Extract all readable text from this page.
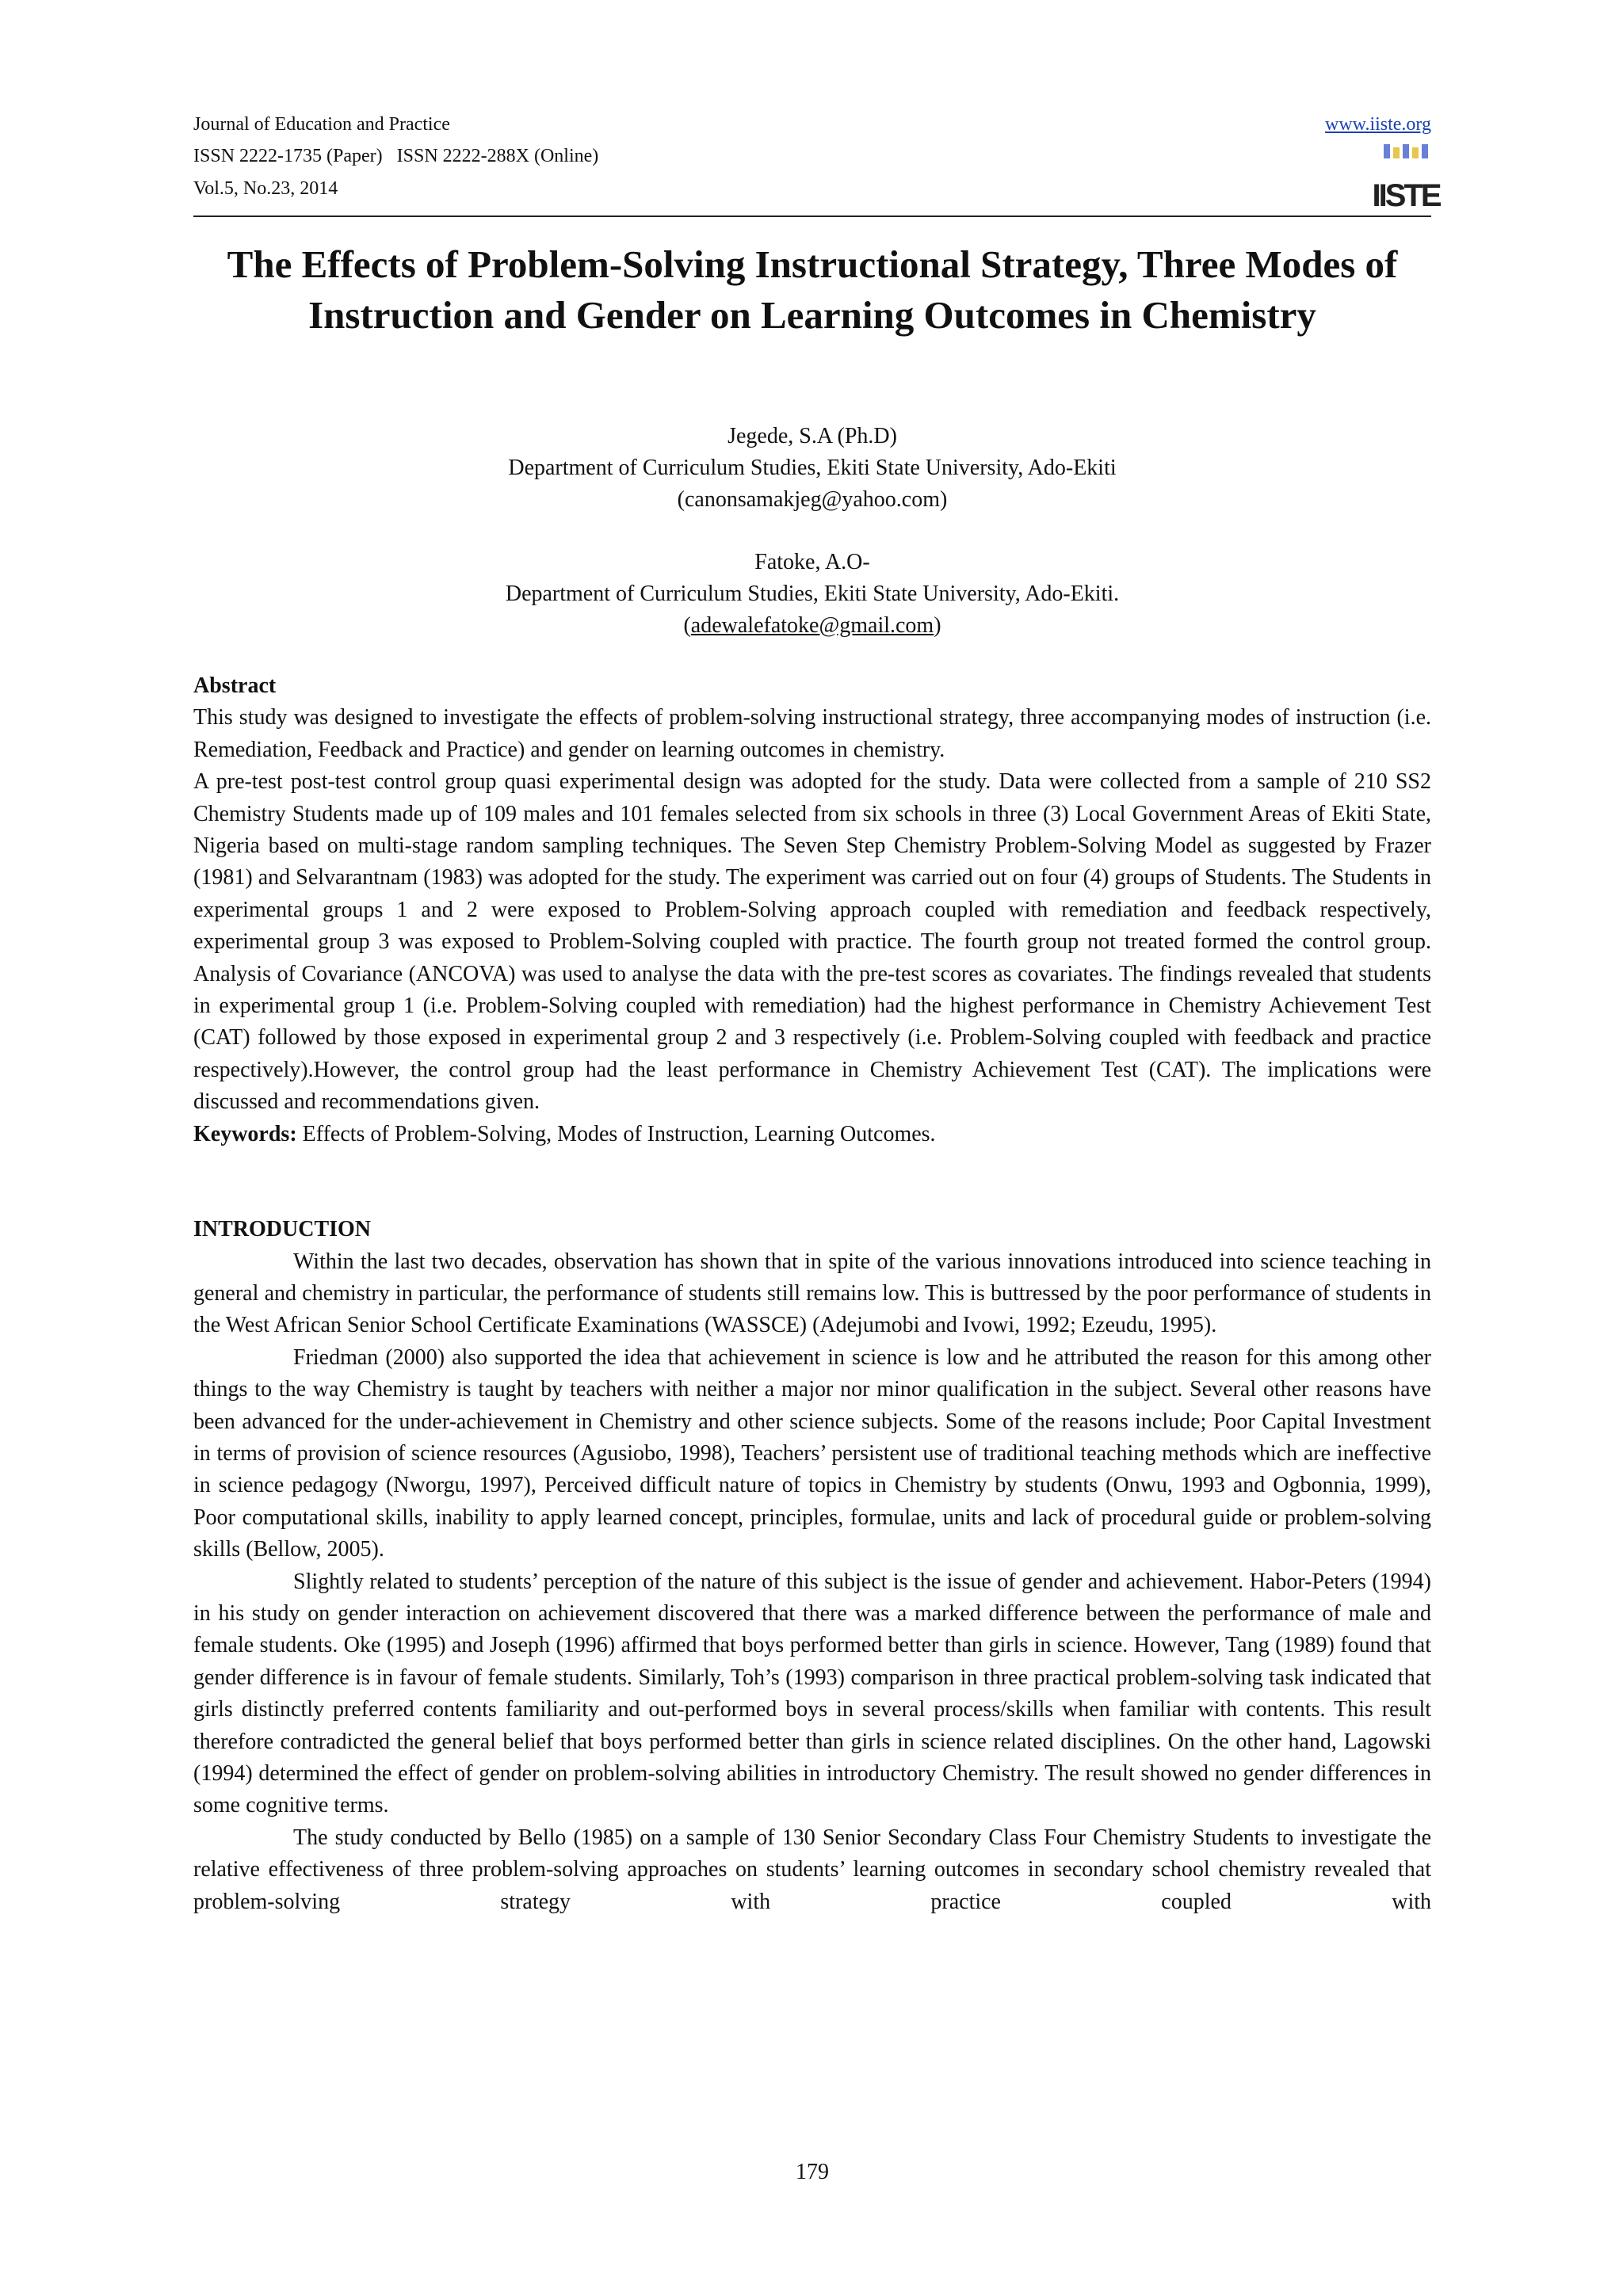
Journal of Education and Practice
ISSN 2222-1735 (Paper)   ISSN 2222-288X (Online)
Vol.5, No.23, 2014
www.iiste.org
IISTE
The Effects of Problem-Solving Instructional Strategy, Three Modes of Instruction and Gender on Learning Outcomes in Chemistry
Jegede, S.A (Ph.D)
Department of Curriculum Studies, Ekiti State University, Ado-Ekiti
(canonsamakjeg@yahoo.com)
Fatoke, A.O-
Department of Curriculum Studies, Ekiti State University, Ado-Ekiti.
(adewalefatoke@gmail.com)

Abstract

This study was designed to investigate the effects of problem-solving instructional strategy, three accompanying modes of instruction (i.e. Remediation, Feedback and Practice) and gender on learning outcomes in chemistry.

A pre-test post-test control group quasi experimental design was adopted for the study. Data were collected from a sample of 210 SS2 Chemistry Students made up of 109 males and 101 females selected from six schools in three (3) Local Government Areas of Ekiti State, Nigeria based on multi-stage random sampling techniques. The Seven Step Chemistry Problem-Solving Model as suggested by Frazer (1981) and Selvarantnam (1983) was adopted for the study. The experiment was carried out on four (4) groups of Students. The Students in experimental groups 1 and 2 were exposed to Problem-Solving approach coupled with remediation and feedback respectively, experimental group 3 was exposed to Problem-Solving coupled with practice. The fourth group not treated formed the control group. Analysis of Covariance (ANCOVA) was used to analyse the data with the pre-test scores as covariates. The findings revealed that students in experimental group 1 (i.e. Problem-Solving coupled with remediation) had the highest performance in Chemistry Achievement Test (CAT) followed by those exposed in experimental group 2 and 3 respectively (i.e. Problem-Solving coupled with feedback and practice respectively).However, the control group had the least performance in Chemistry Achievement Test (CAT). The implications were discussed and recommendations given.

Keywords: Effects of Problem-Solving, Modes of Instruction, Learning Outcomes.

INTRODUCTION

Within the last two decades, observation has shown that in spite of the various innovations introduced into science teaching in general and chemistry in particular, the performance of students still remains low. This is buttressed by the poor performance of students in the West African Senior School Certificate Examinations (WASSCE) (Adejumobi and Ivowi, 1992; Ezeudu, 1995).

Friedman (2000) also supported the idea that achievement in science is low and he attributed the reason for this among other things to the way Chemistry is taught by teachers with neither a major nor minor qualification in the subject. Several other reasons have been advanced for the under-achievement in Chemistry and other science subjects. Some of the reasons include; Poor Capital Investment in terms of provision of science resources (Agusiobo, 1998), Teachers’ persistent use of traditional teaching methods which are ineffective in science pedagogy (Nworgu, 1997), Perceived difficult nature of topics in Chemistry by students (Onwu, 1993 and Ogbonnia, 1999), Poor computational skills, inability to apply learned concept, principles, formulae, units and lack of procedural guide or problem-solving skills (Bellow, 2005).

Slightly related to students’ perception of the nature of this subject is the issue of gender and achievement. Habor-Peters (1994) in his study on gender interaction on achievement discovered that there was a marked difference between the performance of male and female students. Oke (1995) and Joseph (1996) affirmed that boys performed better than girls in science. However, Tang (1989) found that gender difference is in favour of female students. Similarly, Toh’s (1993) comparison in three practical problem-solving task indicated that girls distinctly preferred contents familiarity and out-performed boys in several process/skills when familiar with contents. This result therefore contradicted the general belief that boys performed better than girls in science related disciplines. On the other hand, Lagowski (1994) determined the effect of gender on problem-solving abilities in introductory Chemistry. The result showed no gender differences in some cognitive terms.

The study conducted by Bello (1985) on a sample of 130 Senior Secondary Class Four Chemistry Students to investigate the relative effectiveness of three problem-solving approaches on students’ learning outcomes in secondary school chemistry revealed that problem-solving strategy with practice coupled with

179
